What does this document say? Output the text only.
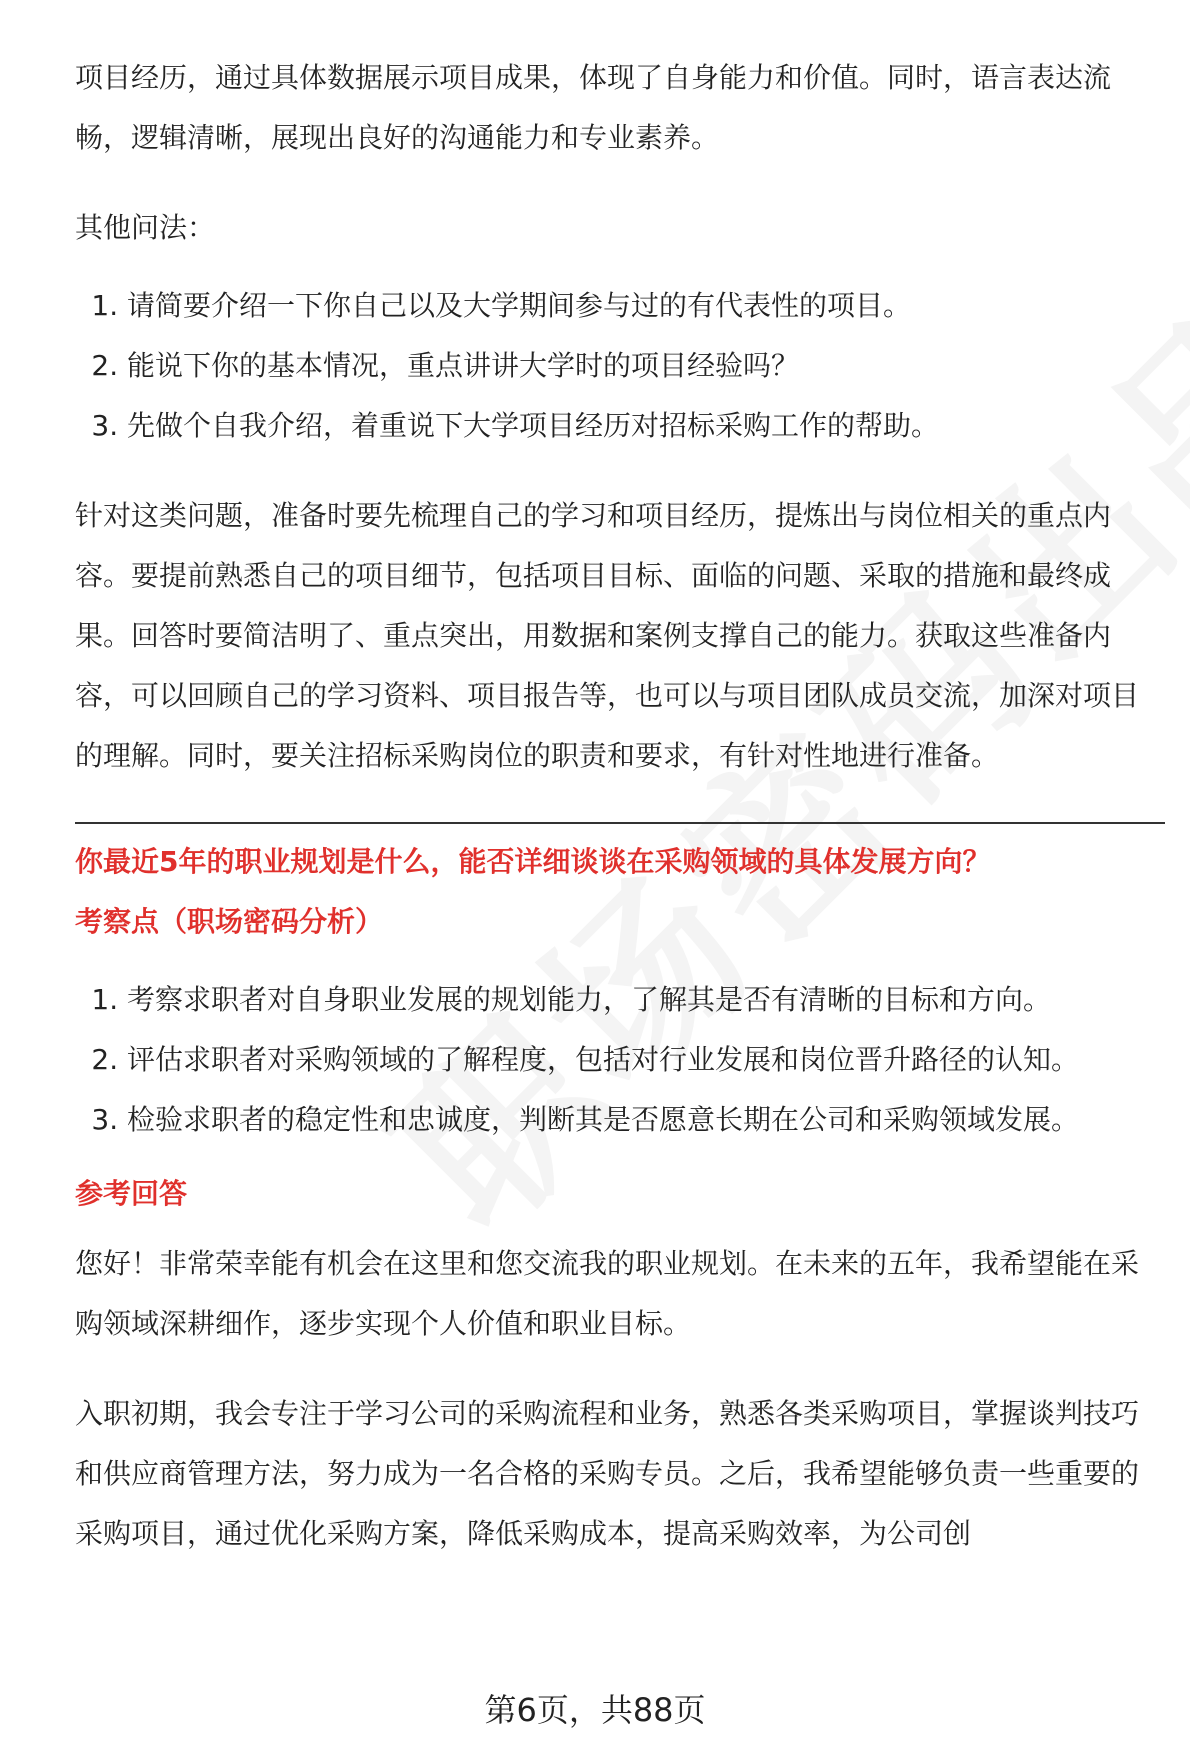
项目经历，通过具体数据展示项目成果，体现了自身能力和价值。同时，语言表达流畅，逻辑清晰，展现出良好的沟通能力和专业素养。

其他问法：

1. 请简要介绍一下你自己以及大学期间参与过的有代表性的项目。
2. 能说下你的基本情况，重点讲讲大学时的项目经验吗？
3. 先做个自我介绍，着重说下大学项目经历对招标采购工作的帮助。

针对这类问题，准备时要先梳理自己的学习和项目经历，提炼出与岗位相关的重点内容。要提前熟悉自己的项目细节，包括项目目标、面临的问题、采取的措施和最终成果。回答时要简洁明了、重点突出，用数据和案例支撑自己的能力。获取这些准备内容，可以回顾自己的学习资料、项目报告等，也可以与项目团队成员交流，加深对项目的理解。同时，要关注招标采购岗位的职责和要求，有针对性地进行准备。

你最近5年的职业规划是什么，能否详细谈谈在采购领域的具体发展方向？

考察点（职场密码分析）

1. 考察求职者对自身职业发展的规划能力，了解其是否有清晰的目标和方向。
2. 评估求职者对采购领域的了解程度，包括对行业发展和岗位晋升路径的认知。
3. 检验求职者的稳定性和忠诚度，判断其是否愿意长期在公司和采购领域发展。

参考回答

您好！非常荣幸能有机会在这里和您交流我的职业规划。在未来的五年，我希望能在采购领域深耕细作，逐步实现个人价值和职业目标。

入职初期，我会专注于学习公司的采购流程和业务，熟悉各类采购项目，掌握谈判技巧和供应商管理方法，努力成为一名合格的采购专员。之后，我希望能够负责一些重要的采购项目，通过优化采购方案，降低采购成本，提高采购效率，为公司创

第6页，共88页
